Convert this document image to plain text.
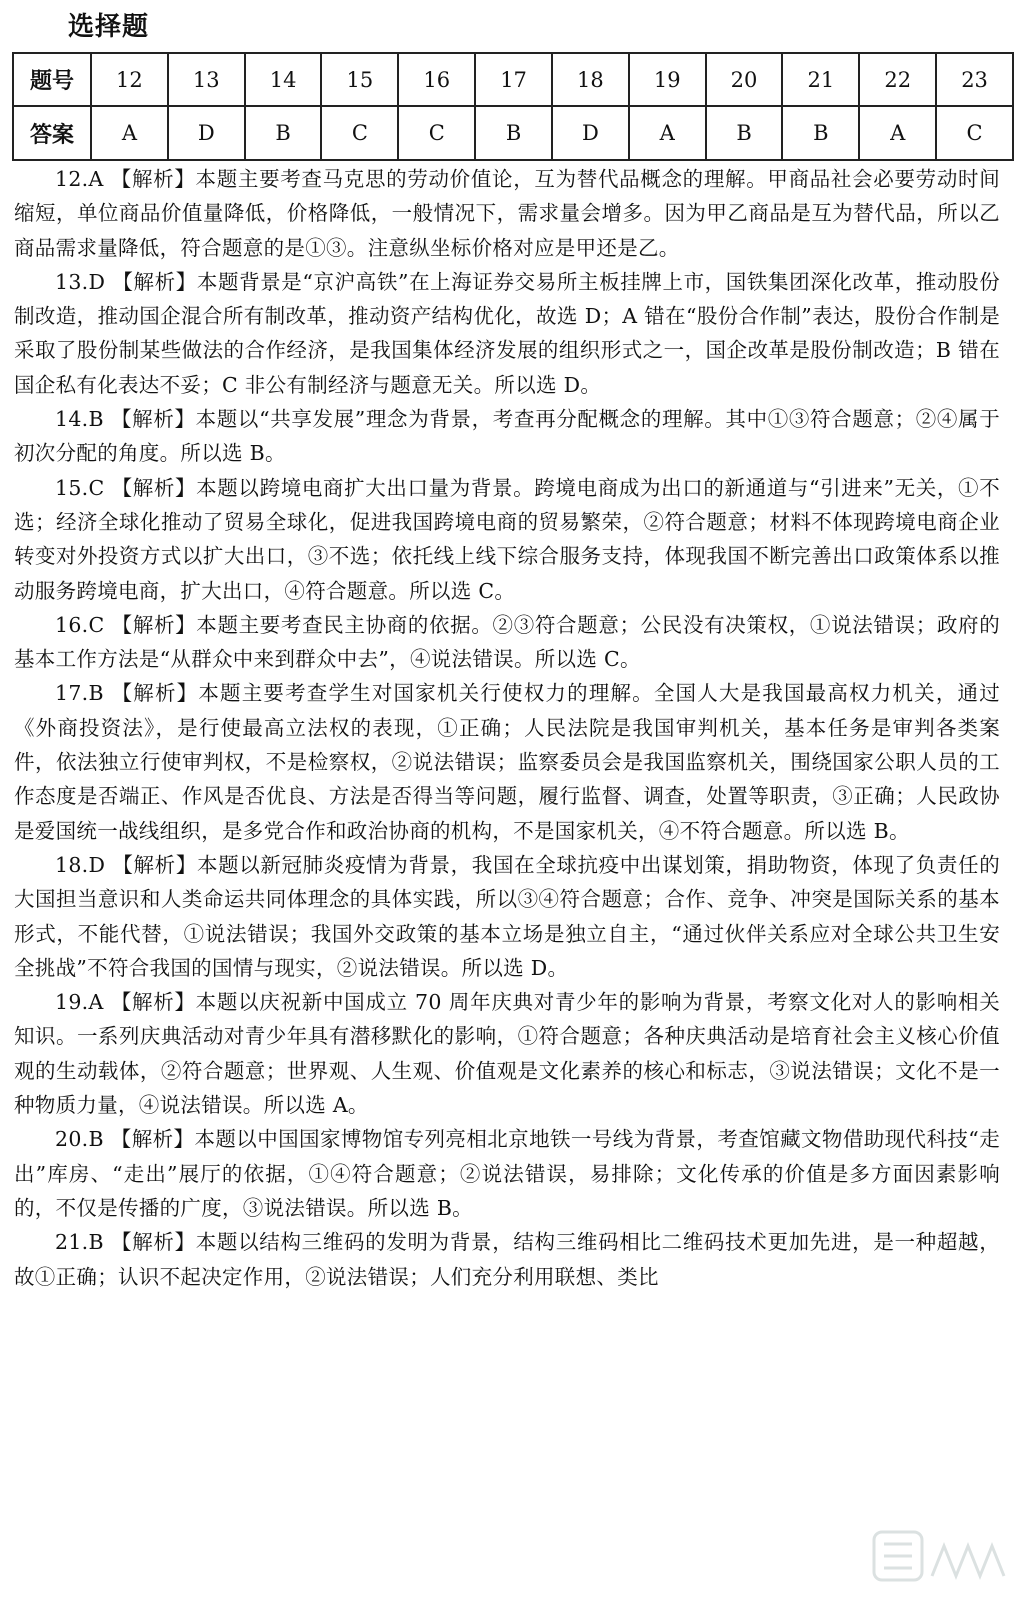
选择题
题号	12	13	14	15	16	17	18	19	20	21	22	23
答案	A	D	B	C	C	B	D	A	B	B	A	C

12.A 【解析】本题主要考查马克思的劳动价值论，互为替代品概念的理解。甲商品社会必要劳动时间缩短，单位商品价值量降低，价格降低，一般情况下，需求量会增多。因为甲乙商品是互为替代品，所以乙商品需求量降低，符合题意的是①③。注意纵坐标价格对应是甲还是乙。

13.D 【解析】本题背景是“京沪高铁”在上海证券交易所主板挂牌上市，国铁集团深化改革，推动股份制改造，推动国企混合所有制改革，推动资产结构优化，故选 D；A 错在“股份合作制”表达，股份合作制是采取了股份制某些做法的合作经济，是我国集体经济发展的组织形式之一，国企改革是股份制改造；B 错在国企私有化表达不妥；C 非公有制经济与题意无关。所以选 D。

14.B 【解析】本题以“共享发展”理念为背景，考查再分配概念的理解。其中①③符合题意；②④属于初次分配的角度。所以选 B。

15.C 【解析】本题以跨境电商扩大出口量为背景。跨境电商成为出口的新通道与“引进来”无关，①不选；经济全球化推动了贸易全球化，促进我国跨境电商的贸易繁荣，②符合题意；材料不体现跨境电商企业转变对外投资方式以扩大出口，③不选；依托线上线下综合服务支持，体现我国不断完善出口政策体系以推动服务跨境电商，扩大出口，④符合题意。所以选 C。

16.C 【解析】本题主要考查民主协商的依据。②③符合题意；公民没有决策权，①说法错误；政府的基本工作方法是“从群众中来到群众中去”，④说法错误。所以选 C。

17.B 【解析】本题主要考查学生对国家机关行使权力的理解。全国人大是我国最高权力机关，通过《外商投资法》，是行使最高立法权的表现，①正确；人民法院是我国审判机关，基本任务是审判各类案件，依法独立行使审判权，不是检察权，②说法错误；监察委员会是我国监察机关，围绕国家公职人员的工作态度是否端正、作风是否优良、方法是否得当等问题，履行监督、调查，处置等职责，③正确；人民政协是爱国统一战线组织，是多党合作和政治协商的机构，不是国家机关，④不符合题意。所以选 B。

18.D 【解析】本题以新冠肺炎疫情为背景，我国在全球抗疫中出谋划策，捐助物资，体现了负责任的大国担当意识和人类命运共同体理念的具体实践，所以③④符合题意；合作、竞争、冲突是国际关系的基本形式，不能代替，①说法错误；我国外交政策的基本立场是独立自主，“通过伙伴关系应对全球公共卫生安全挑战”不符合我国的国情与现实，②说法错误。所以选 D。

19.A 【解析】本题以庆祝新中国成立 70 周年庆典对青少年的影响为背景，考察文化对人的影响相关知识。一系列庆典活动对青少年具有潜移默化的影响，①符合题意；各种庆典活动是培育社会主义核心价值观的生动载体，②符合题意；世界观、人生观、价值观是文化素养的核心和标志，③说法错误；文化不是一种物质力量，④说法错误。所以选 A。

20.B 【解析】本题以中国国家博物馆专列亮相北京地铁一号线为背景，考查馆藏文物借助现代科技“走出”库房、“走出”展厅的依据，①④符合题意；②说法错误，易排除；文化传承的价值是多方面因素影响的，不仅是传播的广度，③说法错误。所以选 B。

21.B 【解析】本题以结构三维码的发明为背景，结构三维码相比二维码技术更加先进，是一种超越，故①正确；认识不起决定作用，②说法错误；人们充分利用联想、类比
